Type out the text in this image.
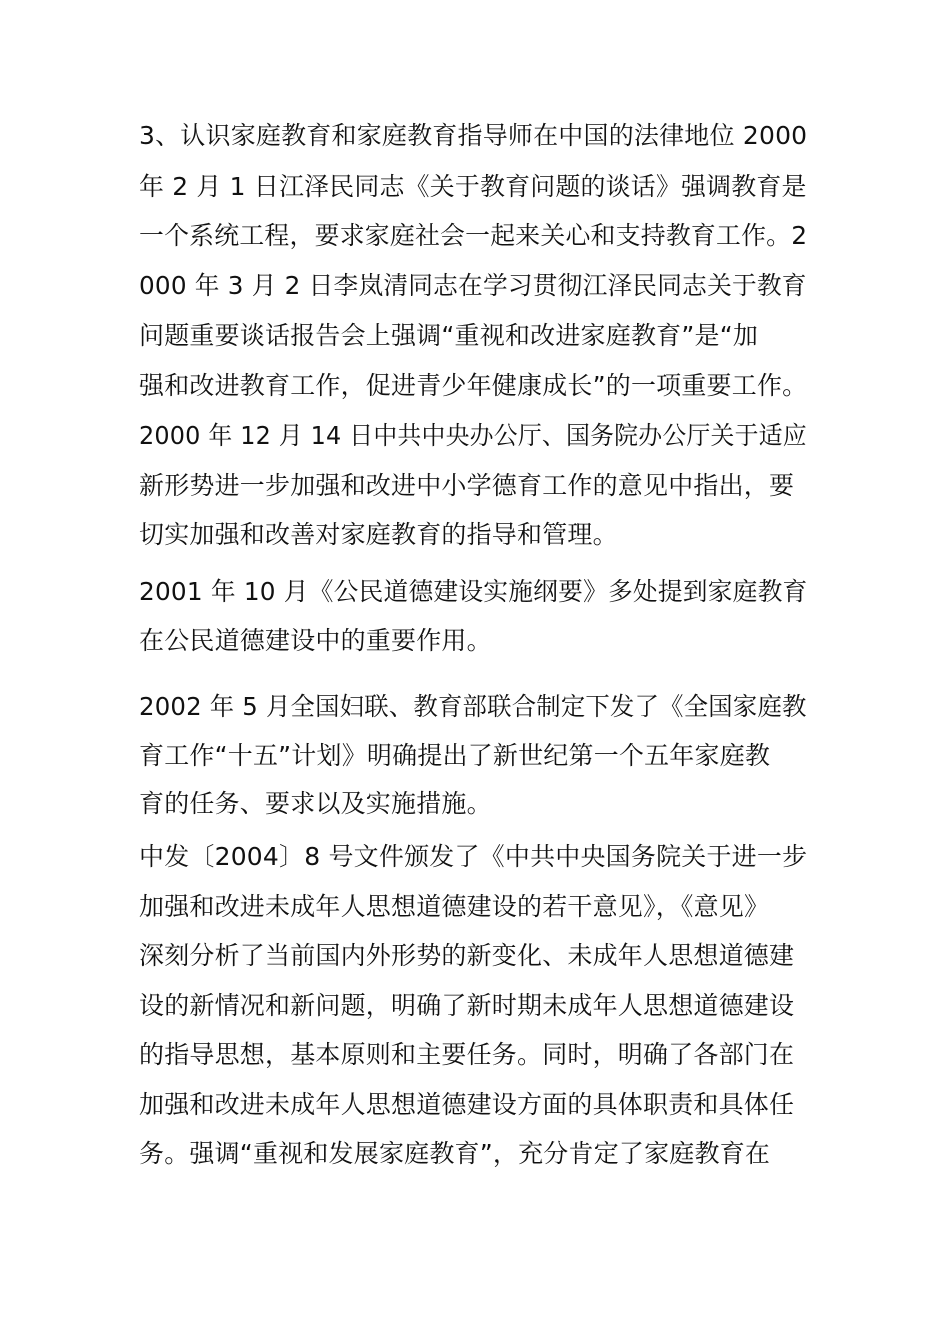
3、认识家庭教育和家庭教育指导师在中国的法律地位 2000
年 2 月 1 日江泽民同志《关于教育问题的谈话》强调教育是
一个系统工程，要求家庭社会一起来关心和支持教育工作。2
000 年 3 月 2 日李岚清同志在学习贯彻江泽民同志关于教育
问题重要谈话报告会上强调“重视和改进家庭教育”是“加
强和改进教育工作，促进青少年健康成长”的一项重要工作。
2000 年 12 月 14 日中共中央办公厅、国务院办公厅关于适应
新形势进一步加强和改进中小学德育工作的意见中指出，要
切实加强和改善对家庭教育的指导和管理。
2001 年 10 月《公民道德建设实施纲要》多处提到家庭教育
在公民道德建设中的重要作用。
2002 年 5 月全国妇联、教育部联合制定下发了《全国家庭教
育工作“十五”计划》明确提出了新世纪第一个五年家庭教
育的任务、要求以及实施措施。
中发〔2004〕8 号文件颁发了《中共中央国务院关于进一步
加强和改进未成年人思想道德建设的若干意见》，《意见》
深刻分析了当前国内外形势的新变化、未成年人思想道德建
设的新情况和新问题，明确了新时期未成年人思想道德建设
的指导思想，基本原则和主要任务。同时，明确了各部门在
加强和改进未成年人思想道德建设方面的具体职责和具体任
务。强调“重视和发展家庭教育”，充分肯定了家庭教育在
